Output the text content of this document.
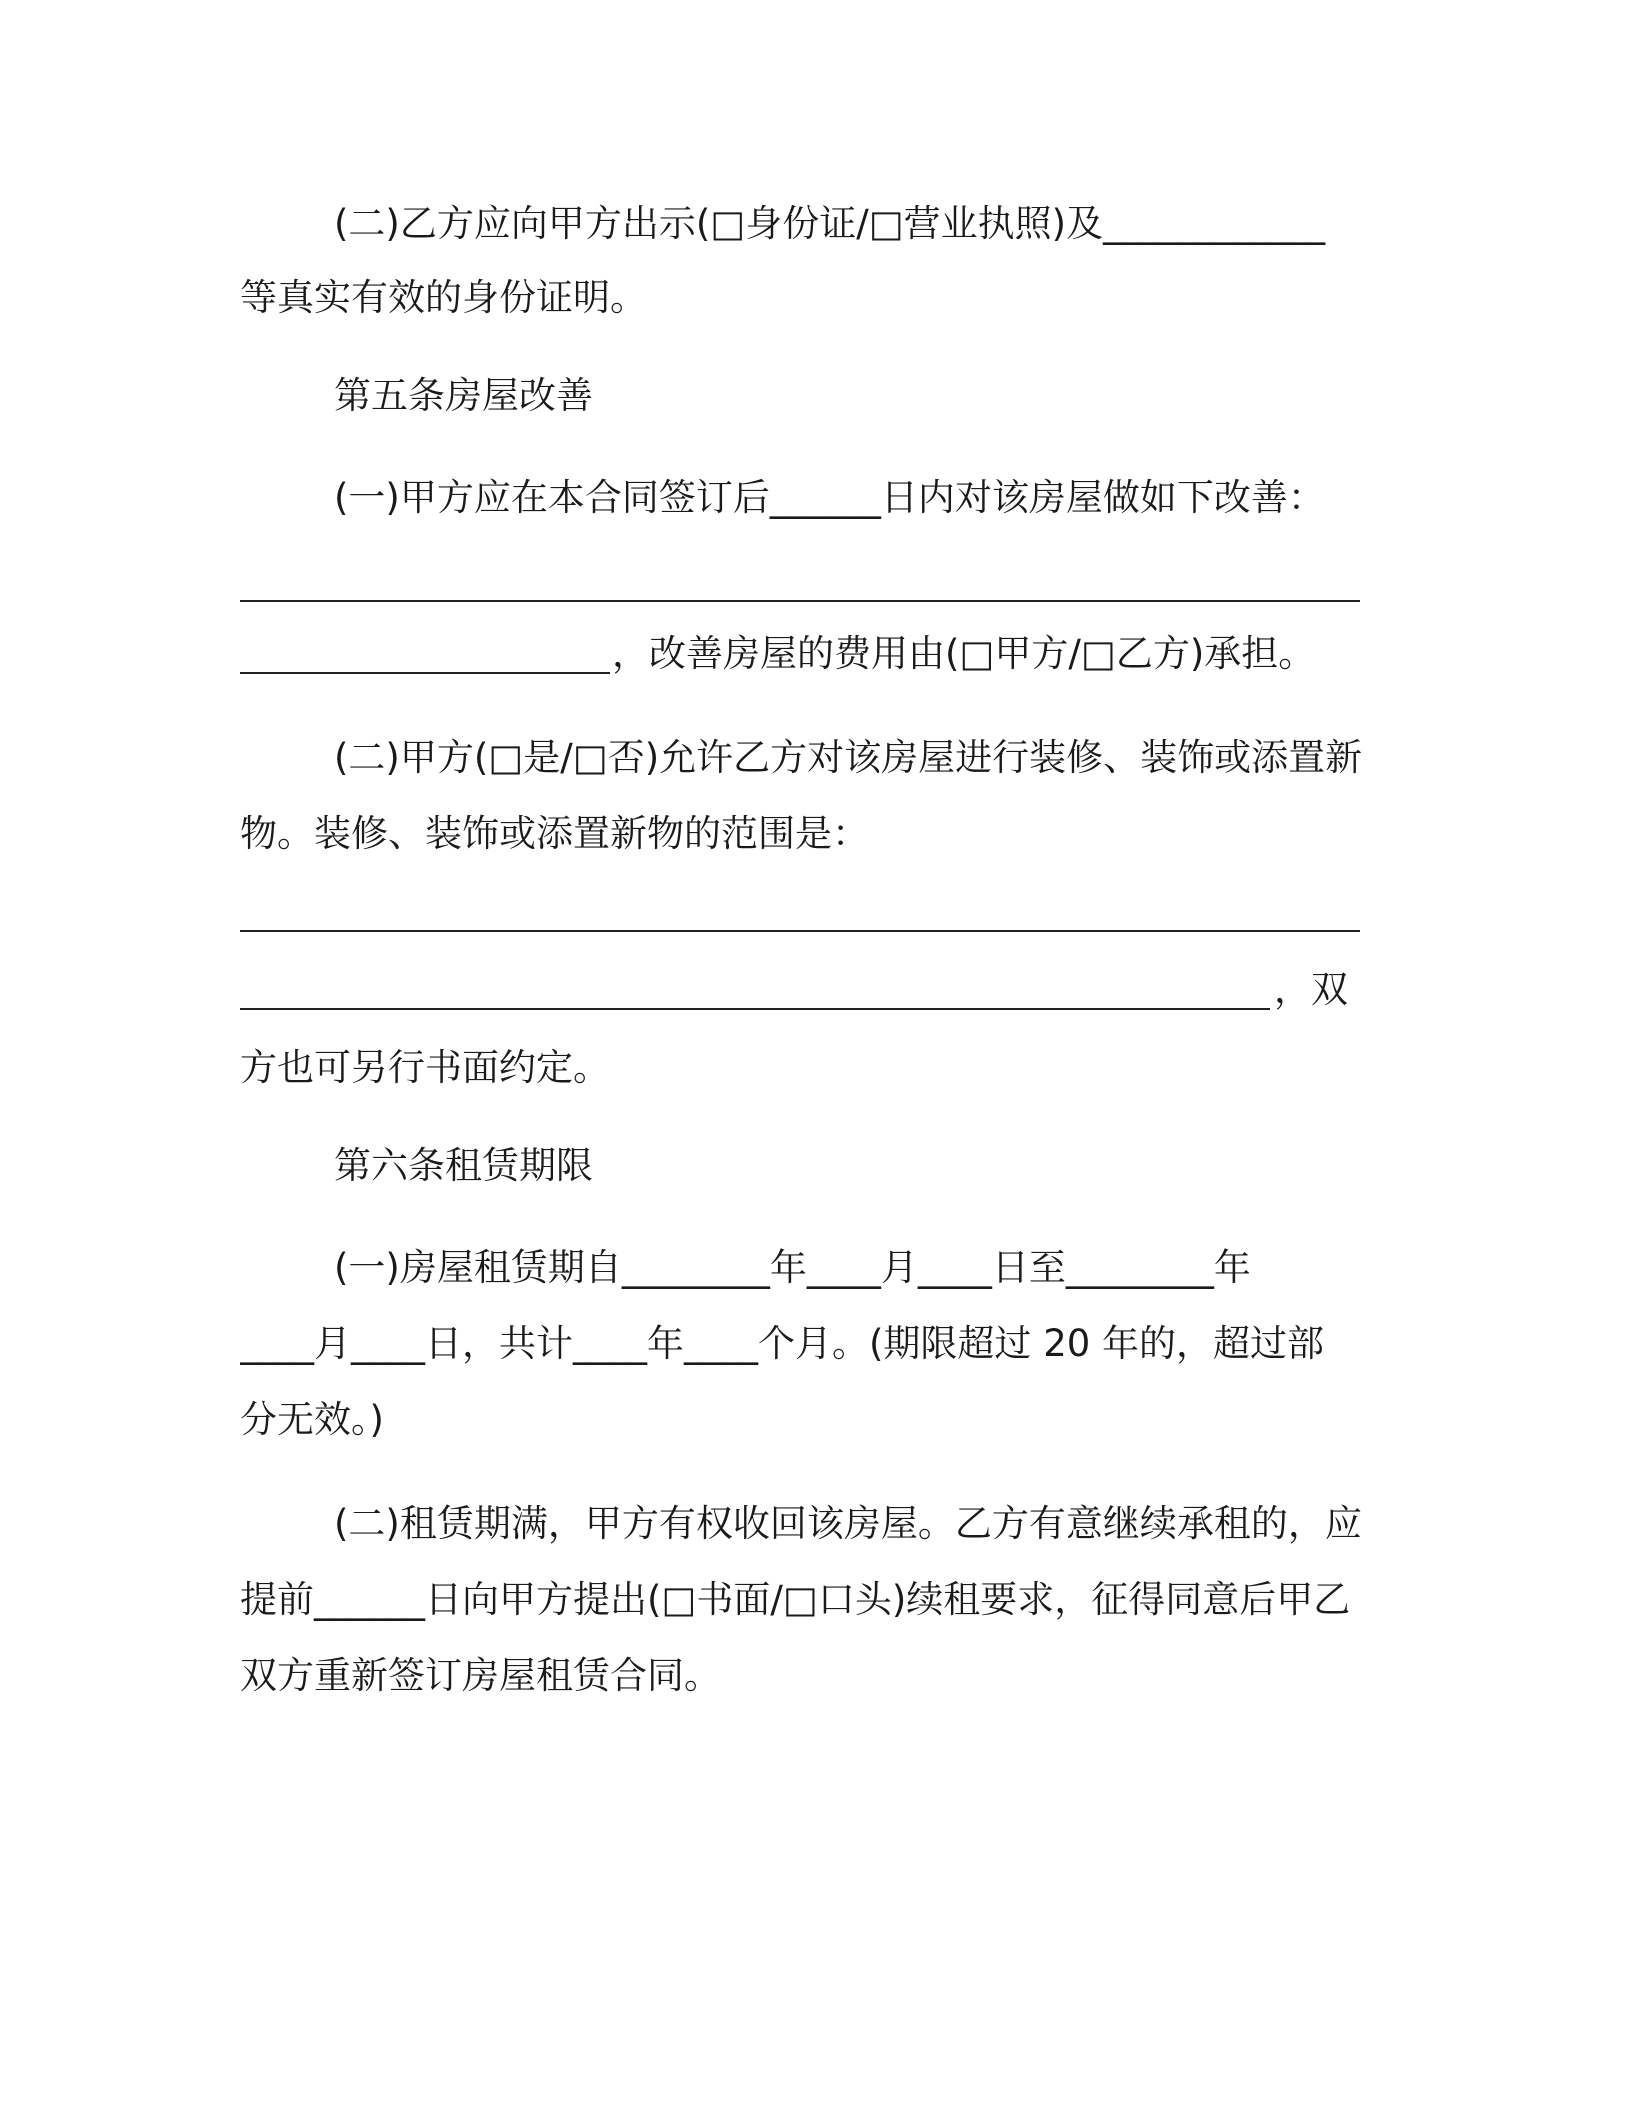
(二)乙方应向甲方出示(□身份证/□营业执照)及____________
等真实有效的身份证明。
第五条房屋改善
(一)甲方应在本合同签订后______日内对该房屋做如下改善：
，改善房屋的费用由(□甲方/□乙方)承担。
(二)甲方(□是/□否)允许乙方对该房屋进行装修、装饰或添置新
物。装修、装饰或添置新物的范围是：
，双
方也可另行书面约定。
第六条租赁期限
(一)房屋租赁期自________年____月____日至________年
____月____日，共计____年____个月。(期限超过 20 年的，超过部
分无效。)
(二)租赁期满，甲方有权收回该房屋。乙方有意继续承租的，应
提前______日向甲方提出(□书面/□口头)续租要求，征得同意后甲乙
双方重新签订房屋租赁合同。
